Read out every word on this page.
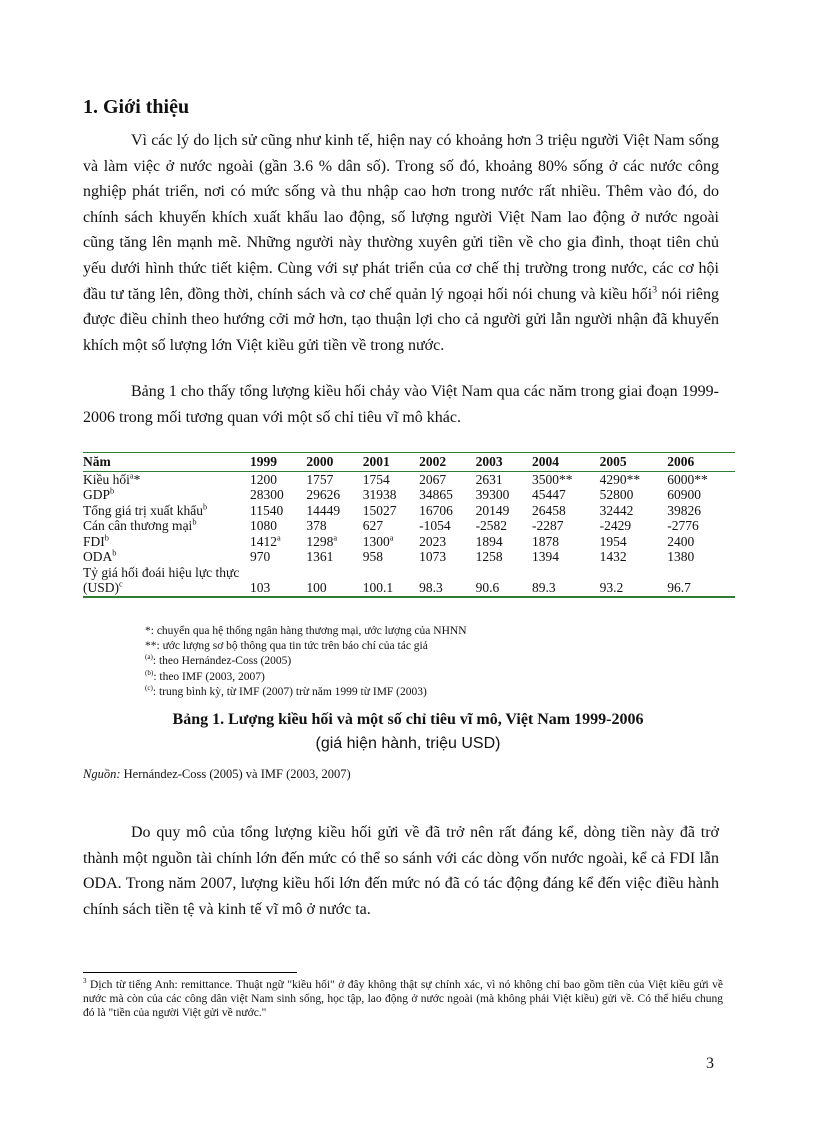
1. Giới thiệu

Vì các lý do lịch sử cũng như kinh tế, hiện nay có khoảng hơn 3 triệu người Việt Nam sống và làm việc ở nước ngoài (gần 3.6 % dân số). Trong số đó, khoảng 80% sống ở các nước công nghiệp phát triển, nơi có mức sống và thu nhập cao hơn trong nước rất nhiều. Thêm vào đó, do chính sách khuyến khích xuất khẩu lao động, số lượng người Việt Nam lao động ở nước ngoài cũng tăng lên mạnh mẽ. Những người này thường xuyên gửi tiền về cho gia đình, thoạt tiên chủ yếu dưới hình thức tiết kiệm. Cùng với sự phát triển của cơ chế thị trường trong nước, các cơ hội đầu tư tăng lên, đồng thời, chính sách và cơ chế quản lý ngoại hối nói chung và kiều hối$^3$ nói riêng được điều chỉnh theo hướng cởi mở hơn, tạo thuận lợi cho cả người gửi lẫn người nhận đã khuyến khích một số lượng lớn Việt kiều gửi tiền về trong nước.

Bảng 1 cho thấy tổng lượng kiều hối chảy vào Việt Nam qua các năm trong giai đoạn 1999-2006 trong mối tương quan với một số chỉ tiêu vĩ mô khác.

Năm	1999	2000	2001	2002	2003	2004	2005	2006
Kiều hối$^a$*	1200	1757	1754	2067	2631	3500**	4290**	6000**
GDP$^b$	28300	29626	31938	34865	39300	45447	52800	60900
Tổng giá trị xuất khẩu$^b$	11540	14449	15027	16706	20149	26458	32442	39826
Cán cân thương mại$^b$	1080	378	627	-1054	-2582	-2287	-2429	-2776
FDI$^b$	1412$^a$	1298$^a$	1300$^a$	2023	1894	1878	1954	2400
ODA$^b$	970	1361	958	1073	1258	1394	1432	1380
Tỷ giá hối đoái hiệu lực thực (USD)$^c$	103	100	100.1	98.3	90.6	89.3	93.2	96.7
*: chuyển qua hệ thống ngân hàng thương mại, ước lượng của NHNN
**: ước lượng sơ bộ thông qua tin tức trên báo chí của tác giả
$^{(a)}$: theo Hernández-Coss (2005)
$^{(b)}$: theo IMF (2003, 2007)
$^{(c)}$: trung bình kỳ, từ IMF (2007) trừ năm 1999 từ IMF (2003)

Bảng 1. Lượng kiều hối và một số chỉ tiêu vĩ mô, Việt Nam 1999-2006

(giá hiện hành, triệu USD)

Nguồn: Hernández-Coss (2005) và IMF (2003, 2007)

Do quy mô của tổng lượng kiều hối gửi về đã trở nên rất đáng kể, dòng tiền này đã trở thành một nguồn tài chính lớn đến mức có thể so sánh với các dòng vốn nước ngoài, kể cả FDI lẫn ODA. Trong năm 2007, lượng kiều hối lớn đến mức nó đã có tác động đáng kể đến việc điều hành chính sách tiền tệ và kinh tế vĩ mô ở nước ta.

$^3$ Dịch từ tiếng Anh: remittance. Thuật ngữ "kiều hối" ở đây không thật sự chính xác, vì nó không chỉ bao gồm tiền của Việt kiều gửi về nước mà còn của các công dân việt Nam sinh sống, học tập, lao động ở nước ngoài (mà không phải Việt kiều) gửi về. Có thể hiểu chung đó là "tiền của người Việt gửi về nước."

3
